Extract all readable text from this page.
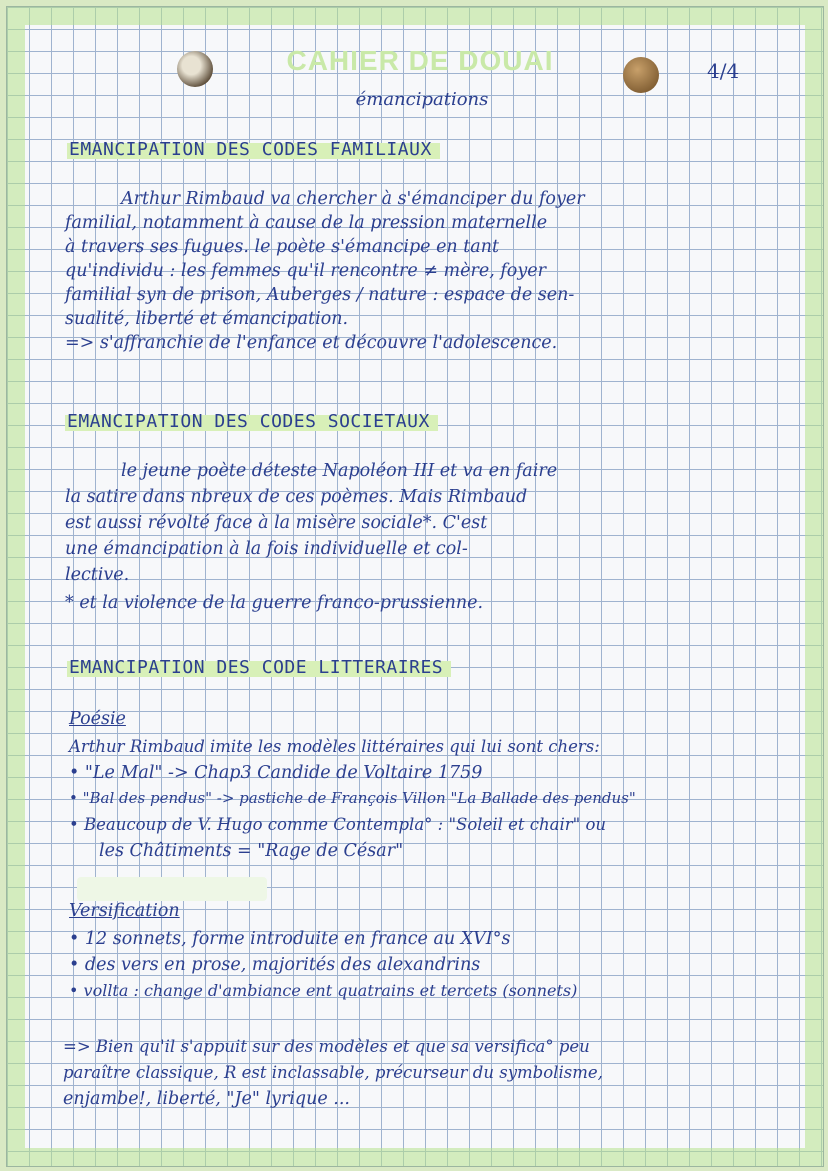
CAHIER DE DOUAI
émancipations
4/4
EMANCIPATION DES CODES FAMILIAUX
Arthur Rimbaud va chercher à s'émanciper du foyer
familial, notamment à cause de la pression maternelle
à travers ses fugues. le poète s'émancipe en tant
qu'individu : les femmes qu'il rencontre ≠ mère, foyer
familial syn de prison, Auberges / nature : espace de sen-
sualité, liberté et émancipation.
=> s'affranchie de l'enfance et découvre l'adolescence.
EMANCIPATION DES CODES SOCIETAUX
le jeune poète déteste Napoléon III et va en faire
la satire dans nbreux de ces poèmes. Mais Rimbaud
est aussi révolté face à la misère sociale*. C'est
une émancipation à la fois individuelle et col-
lective.
* et la violence de la guerre franco-prussienne.
EMANCIPATION DES CODE LITTERAIRES
Poésie
Arthur Rimbaud imite les modèles littéraires qui lui sont chers:
• "Le Mal" -> Chap3 Candide de Voltaire 1759
• "Bal des pendus" -> pastiche de François Villon "La Ballade des pendus"
• Beaucoup de V. Hugo comme Contempla° : "Soleil et chair" ou
les Châtiments = "Rage de César"
Versification
• 12 sonnets, forme introduite en france au XVI°s
• des vers en prose, majorités des alexandrins
• vollta : change d'ambiance ent quatrains et tercets (sonnets)
=> Bien qu'il s'appuit sur des modèles et que sa versifica° peu
paraître classique, R est inclassable, précurseur du symbolisme,
enjambe!, liberté, "Je" lyrique ...
